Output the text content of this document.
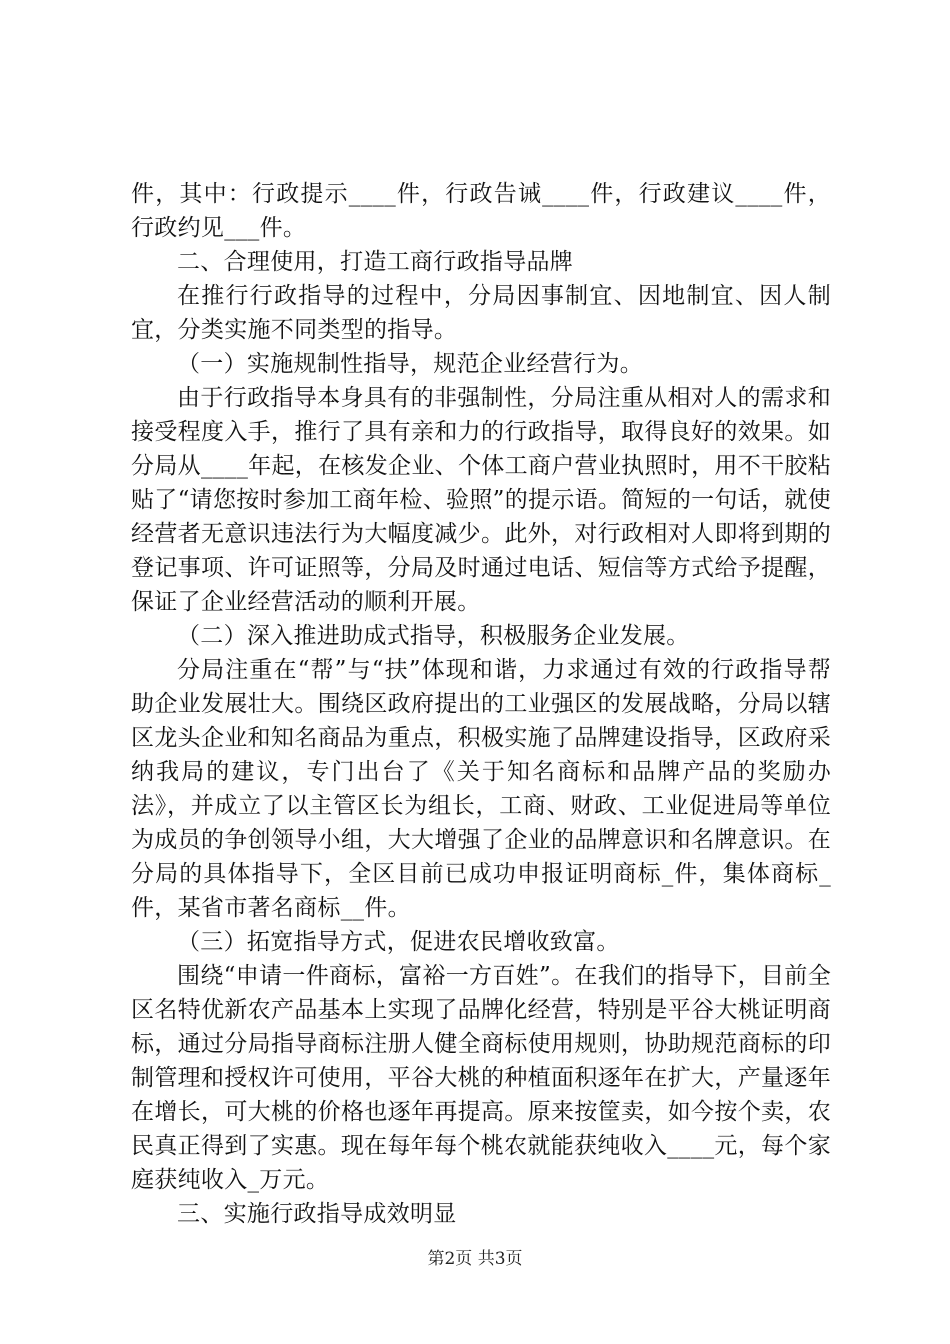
件，其中：行政提示____件，行政告诫____件，行政建议____件，行政约见___件。

二、合理使用，打造工商行政指导品牌

在推行行政指导的过程中，分局因事制宜、因地制宜、因人制宜，分类实施不同类型的指导。

（一）实施规制性指导，规范企业经营行为。

由于行政指导本身具有的非强制性，分局注重从相对人的需求和接受程度入手，推行了具有亲和力的行政指导，取得良好的效果。如分局从____年起，在核发企业、个体工商户营业执照时，用不干胶粘贴了“请您按时参加工商年检、验照”的提示语。简短的一句话，就使经营者无意识违法行为大幅度减少。此外，对行政相对人即将到期的登记事项、许可证照等，分局及时通过电话、短信等方式给予提醒，保证了企业经营活动的顺利开展。

（二）深入推进助成式指导，积极服务企业发展。

分局注重在“帮”与“扶”体现和谐，力求通过有效的行政指导帮助企业发展壮大。围绕区政府提出的工业强区的发展战略，分局以辖区龙头企业和知名商品为重点，积极实施了品牌建设指导，区政府采纳我局的建议，专门出台了《关于知名商标和品牌产品的奖励办法》，并成立了以主管区长为组长，工商、财政、工业促进局等单位为成员的争创领导小组，大大增强了企业的品牌意识和名牌意识。在分局的具体指导下，全区目前已成功申报证明商标_件，集体商标_件，某省市著名商标__件。

（三）拓宽指导方式，促进农民增收致富。

围绕“申请一件商标，富裕一方百姓”。在我们的指导下，目前全区名特优新农产品基本上实现了品牌化经营，特别是平谷大桃证明商标，通过分局指导商标注册人健全商标使用规则，协助规范商标的印制管理和授权许可使用，平谷大桃的种植面积逐年在扩大，产量逐年在增长，可大桃的价格也逐年再提高。原来按筐卖，如今按个卖，农民真正得到了实惠。现在每年每个桃农就能获纯收入____元，每个家庭获纯收入_万元。

三、实施行政指导成效明显

第2页 共3页
